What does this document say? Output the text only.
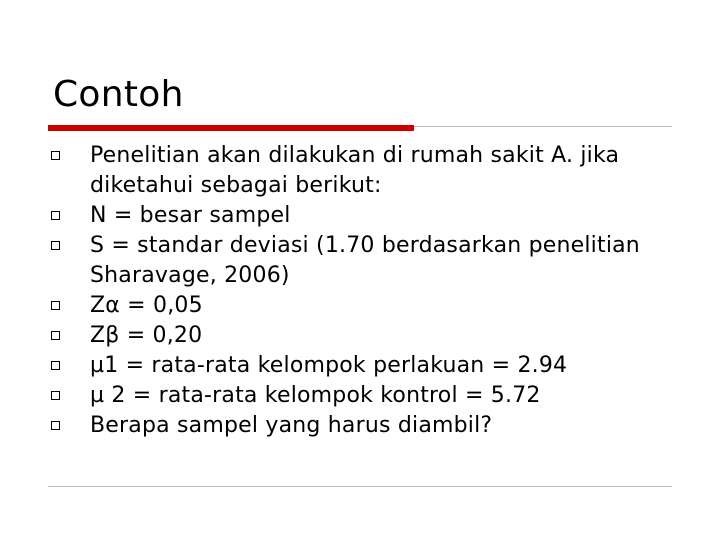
Contoh
Penelitian akan dilakukan di rumah sakit A. jika diketahui sebagai berikut:
N = besar sampel
S = standar deviasi (1.70 berdasarkan penelitian Sharavage, 2006)
Zα = 0,05
Zβ = 0,20
µ1 = rata-rata kelompok perlakuan = 2.94
µ 2 = rata-rata kelompok kontrol = 5.72
Berapa sampel yang harus diambil?
